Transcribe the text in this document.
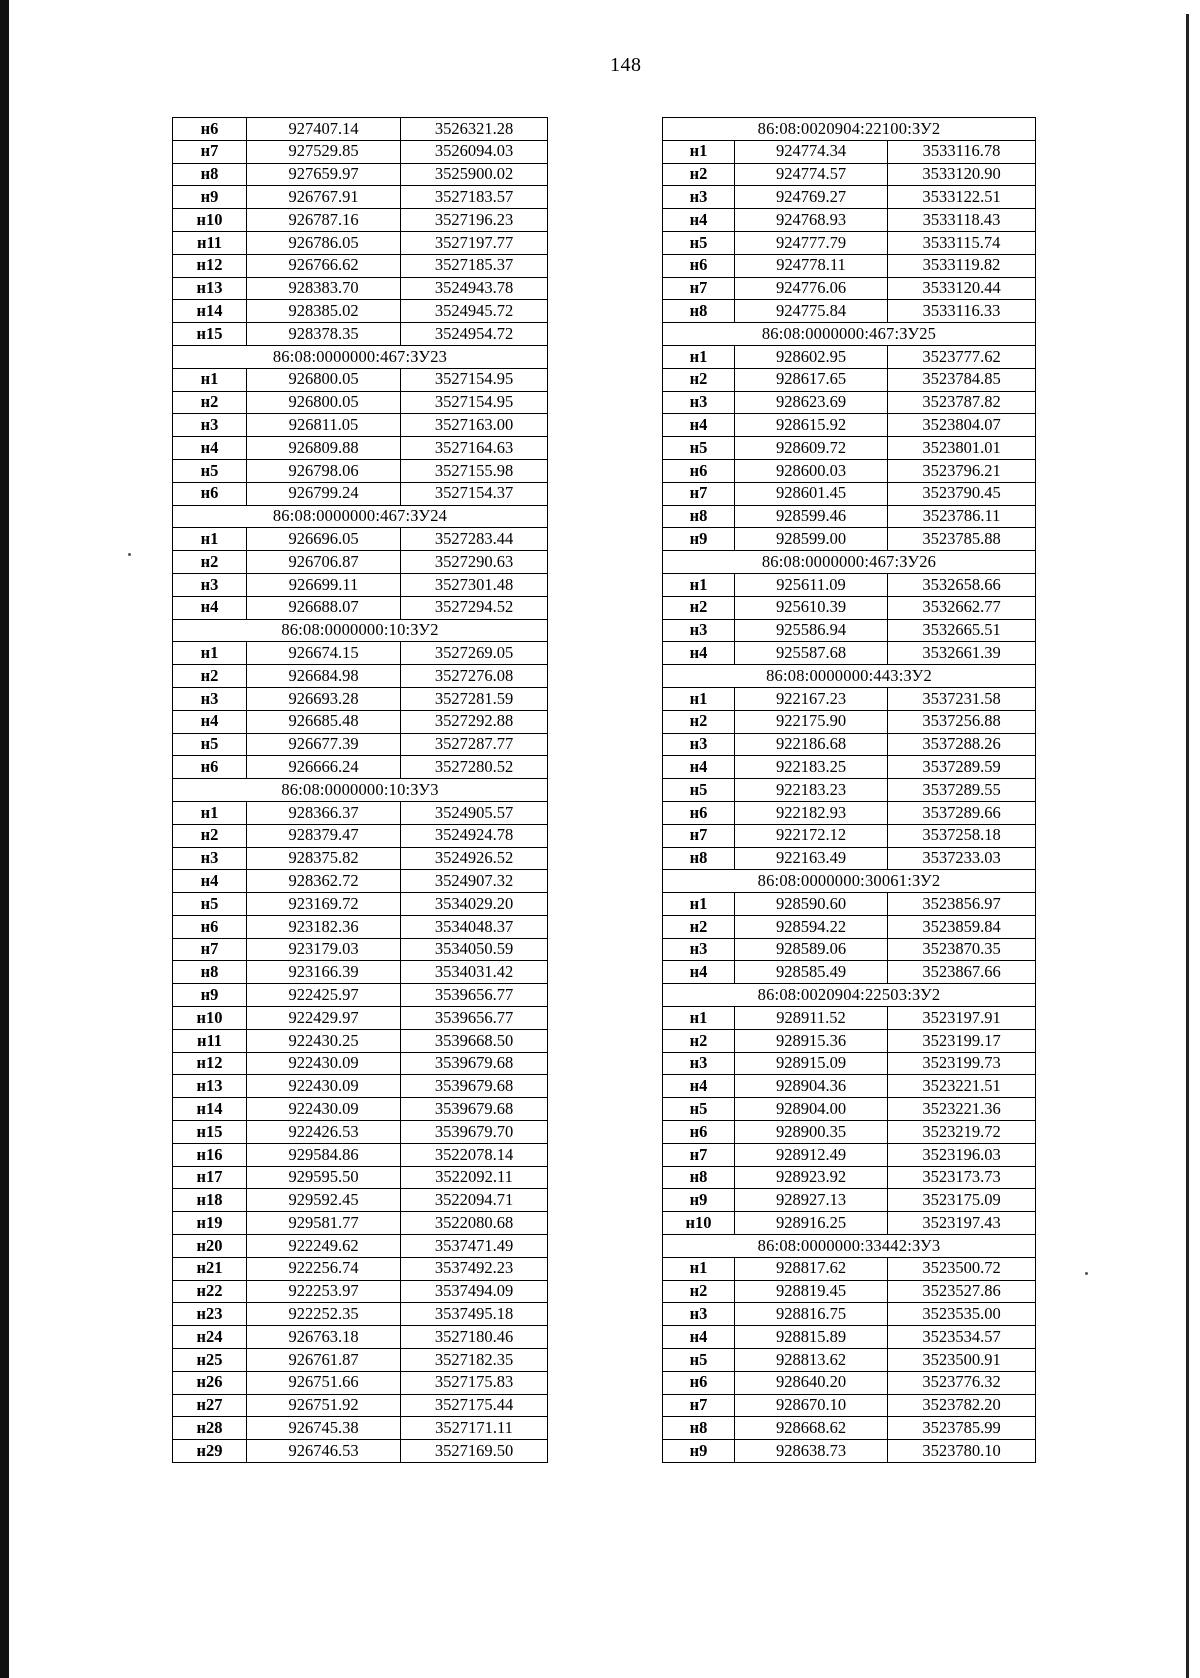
148
н6	927407.14	3526321.28
н7	927529.85	3526094.03
н8	927659.97	3525900.02
н9	926767.91	3527183.57
н10	926787.16	3527196.23
н11	926786.05	3527197.77
н12	926766.62	3527185.37
н13	928383.70	3524943.78
н14	928385.02	3524945.72
н15	928378.35	3524954.72
86:08:0000000:467:ЗУ23		
н1	926800.05	3527154.95
н2	926800.05	3527154.95
н3	926811.05	3527163.00
н4	926809.88	3527164.63
н5	926798.06	3527155.98
н6	926799.24	3527154.37
86:08:0000000:467:ЗУ24		
н1	926696.05	3527283.44
н2	926706.87	3527290.63
н3	926699.11	3527301.48
н4	926688.07	3527294.52
86:08:0000000:10:ЗУ2		
н1	926674.15	3527269.05
н2	926684.98	3527276.08
н3	926693.28	3527281.59
н4	926685.48	3527292.88
н5	926677.39	3527287.77
н6	926666.24	3527280.52
86:08:0000000:10:ЗУ3		
н1	928366.37	3524905.57
н2	928379.47	3524924.78
н3	928375.82	3524926.52
н4	928362.72	3524907.32
н5	923169.72	3534029.20
н6	923182.36	3534048.37
н7	923179.03	3534050.59
н8	923166.39	3534031.42
н9	922425.97	3539656.77
н10	922429.97	3539656.77
н11	922430.25	3539668.50
н12	922430.09	3539679.68
н13	922430.09	3539679.68
н14	922430.09	3539679.68
н15	922426.53	3539679.70
н16	929584.86	3522078.14
н17	929595.50	3522092.11
н18	929592.45	3522094.71
н19	929581.77	3522080.68
н20	922249.62	3537471.49
н21	922256.74	3537492.23
н22	922253.97	3537494.09
н23	922252.35	3537495.18
н24	926763.18	3527180.46
н25	926761.87	3527182.35
н26	926751.66	3527175.83
н27	926751.92	3527175.44
н28	926745.38	3527171.11
н29	926746.53	3527169.50
86:08:0020904:22100:ЗУ2		
н1	924774.34	3533116.78
н2	924774.57	3533120.90
н3	924769.27	3533122.51
н4	924768.93	3533118.43
н5	924777.79	3533115.74
н6	924778.11	3533119.82
н7	924776.06	3533120.44
н8	924775.84	3533116.33
86:08:0000000:467:ЗУ25		
н1	928602.95	3523777.62
н2	928617.65	3523784.85
н3	928623.69	3523787.82
н4	928615.92	3523804.07
н5	928609.72	3523801.01
н6	928600.03	3523796.21
н7	928601.45	3523790.45
н8	928599.46	3523786.11
н9	928599.00	3523785.88
86:08:0000000:467:ЗУ26		
н1	925611.09	3532658.66
н2	925610.39	3532662.77
н3	925586.94	3532665.51
н4	925587.68	3532661.39
86:08:0000000:443:ЗУ2		
н1	922167.23	3537231.58
н2	922175.90	3537256.88
н3	922186.68	3537288.26
н4	922183.25	3537289.59
н5	922183.23	3537289.55
н6	922182.93	3537289.66
н7	922172.12	3537258.18
н8	922163.49	3537233.03
86:08:0000000:30061:ЗУ2		
н1	928590.60	3523856.97
н2	928594.22	3523859.84
н3	928589.06	3523870.35
н4	928585.49	3523867.66
86:08:0020904:22503:ЗУ2		
н1	928911.52	3523197.91
н2	928915.36	3523199.17
н3	928915.09	3523199.73
н4	928904.36	3523221.51
н5	928904.00	3523221.36
н6	928900.35	3523219.72
н7	928912.49	3523196.03
н8	928923.92	3523173.73
н9	928927.13	3523175.09
н10	928916.25	3523197.43
86:08:0000000:33442:ЗУ3		
н1	928817.62	3523500.72
н2	928819.45	3523527.86
н3	928816.75	3523535.00
н4	928815.89	3523534.57
н5	928813.62	3523500.91
н6	928640.20	3523776.32
н7	928670.10	3523782.20
н8	928668.62	3523785.99
н9	928638.73	3523780.10
